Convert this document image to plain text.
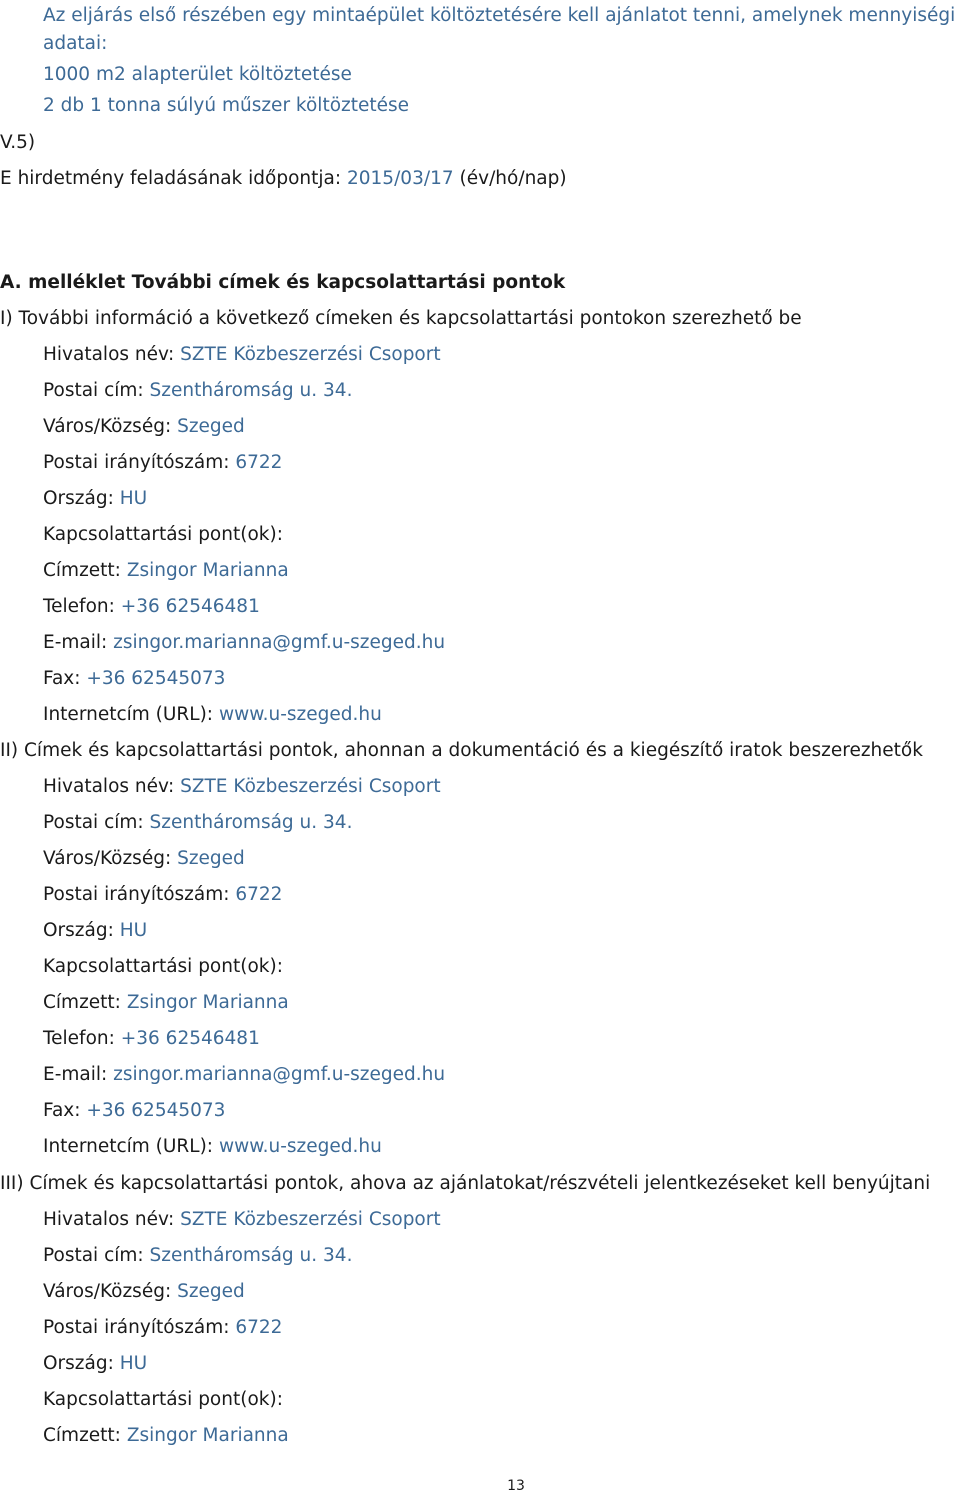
Az eljárás első részében egy mintaépület költöztetésére kell ajánlatot tenni, amelynek mennyiségi
adatai:
1000 m2 alapterület költöztetése
2 db 1 tonna súlyú műszer költöztetése
V.5)
E hirdetmény feladásának időpontja: 2015/03/17 (év/hó/nap)
A. melléklet További címek és kapcsolattartási pontok
I) További információ a következő címeken és kapcsolattartási pontokon szerezhető be
Hivatalos név: SZTE Közbeszerzési Csoport
Postai cím: Szentháromság u. 34.
Város/Község: Szeged
Postai irányítószám: 6722
Ország: HU
Kapcsolattartási pont(ok):
Címzett: Zsingor Marianna
Telefon: +36 62546481
E-mail: zsingor.marianna@gmf.u-szeged.hu
Fax: +36 62545073
Internetcím (URL): www.u-szeged.hu
II) Címek és kapcsolattartási pontok, ahonnan a dokumentáció és a kiegészítő iratok beszerezhetők
Hivatalos név: SZTE Közbeszerzési Csoport
Postai cím: Szentháromság u. 34.
Város/Község: Szeged
Postai irányítószám: 6722
Ország: HU
Kapcsolattartási pont(ok):
Címzett: Zsingor Marianna
Telefon: +36 62546481
E-mail: zsingor.marianna@gmf.u-szeged.hu
Fax: +36 62545073
Internetcím (URL): www.u-szeged.hu
III) Címek és kapcsolattartási pontok, ahova az ajánlatokat/részvételi jelentkezéseket kell benyújtani
Hivatalos név: SZTE Közbeszerzési Csoport
Postai cím: Szentháromság u. 34.
Város/Község: Szeged
Postai irányítószám: 6722
Ország: HU
Kapcsolattartási pont(ok):
Címzett: Zsingor Marianna
13
